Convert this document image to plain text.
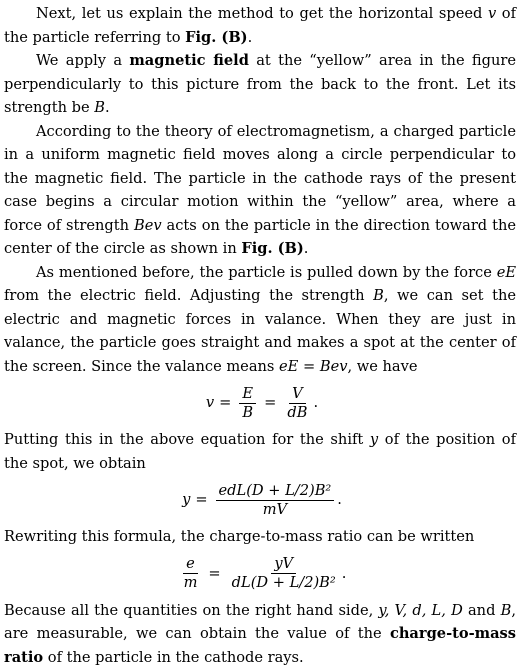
Next, let us explain the method to get the horizontal speed v of the particle referring to Fig. (B).

We apply a magnetic field at the “yellow” area in the figure perpendicularly to this picture from the back to the front. Let its strength be B.

According to the theory of electromagnetism, a charged particle in a uniform magnetic field moves along a circle perpendicular to the magnetic field. The particle in the cathode rays of the present case begins a circular motion within the “yellow” area, where a force of strength Bev acts on the particle in the direction toward the center of the circle as shown in Fig. (B).

As mentioned before, the particle is pulled down by the force eE from the electric field. Adjusting the strength B, we can set the electric and magnetic forces in valance. When they are just in valance, the particle goes straight and makes a spot at the center of the screen. Since the valance means eE = Bev, we have

$v = \frac{E}{B} = \frac{V}{dB}$ .

Putting this in the above equation for the shift y of the position of the spot, we obtain

$y = \frac{\text{edL(D + L/2)B²}}{mV}$ .

Rewriting this formula, the charge-to-mass ratio can be written

$\frac{e}{m} = \frac{yV}{\text{dL(D + L/2)B²}}$ .

Because all the quantities on the right hand side, y, V, d, L, D and B, are measurable, we can obtain the value of the charge-to-mass ratio of the particle in the cathode rays.
